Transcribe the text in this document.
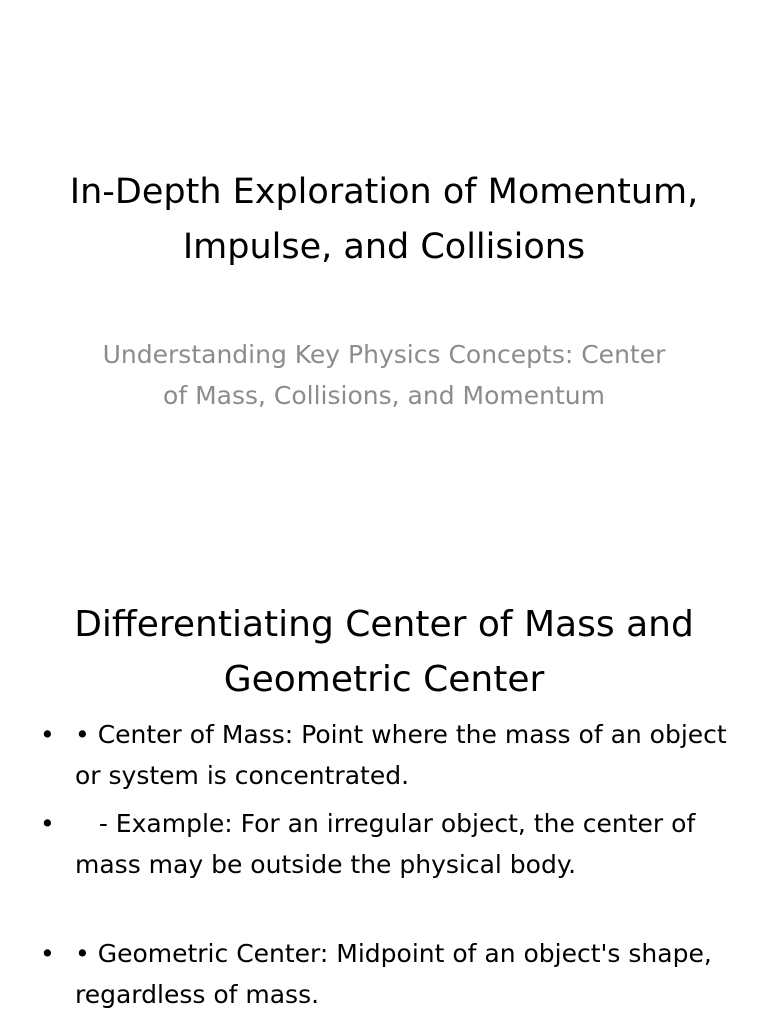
In-Depth Exploration of Momentum, Impulse, and Collisions

Understanding Key Physics Concepts: Center of Mass, Collisions, and Momentum

Differentiating Center of Mass and Geometric Center
• • Center of Mass: Point where the mass of an object or system is concentrated.
• - Example: For an irregular object, the center of mass may be outside the physical body.
• • Geometric Center: Midpoint of an object's shape, regardless of mass.
